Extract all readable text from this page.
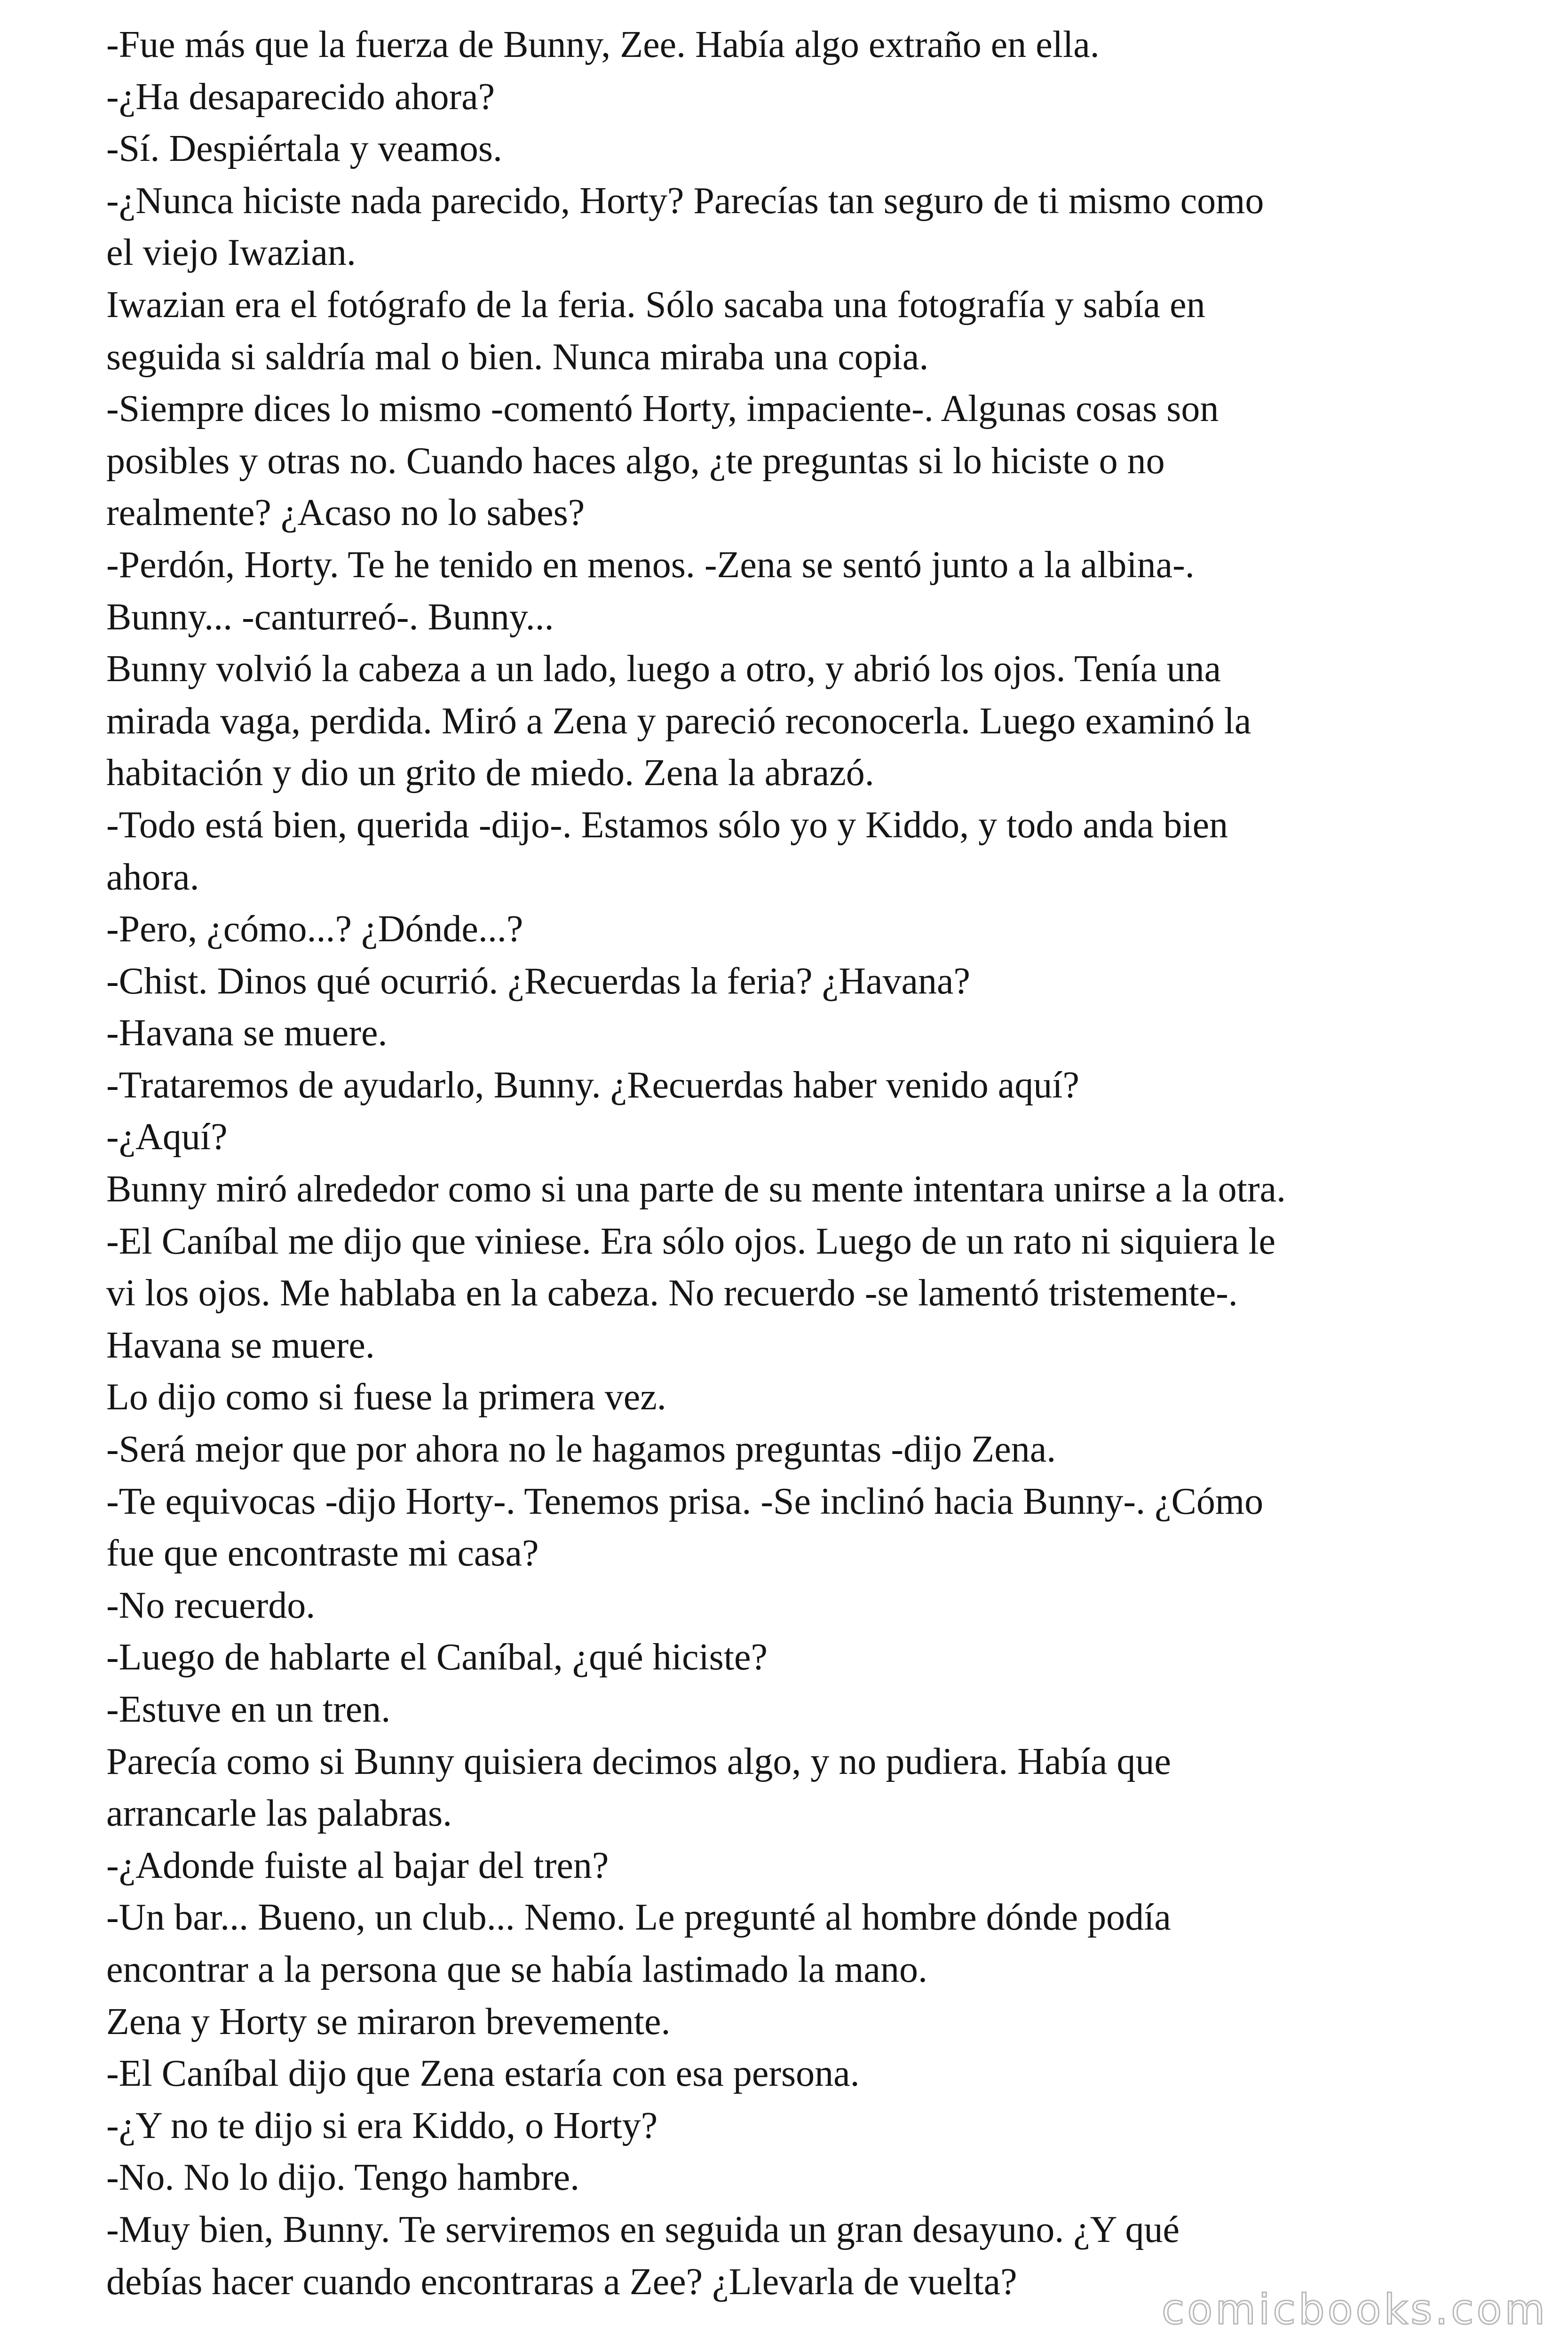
-Fue más que la fuerza de Bunny, Zee. Había algo extraño en ella.
-¿Ha desaparecido ahora?
-Sí. Despiértala y veamos.
-¿Nunca hiciste nada parecido, Horty? Parecías tan seguro de ti mismo como
el viejo Iwazian.
Iwazian era el fotógrafo de la feria. Sólo sacaba una fotografía y sabía en
seguida si saldría mal o bien. Nunca miraba una copia.
-Siempre dices lo mismo -comentó Horty, impaciente-. Algunas cosas son
posibles y otras no. Cuando haces algo, ¿te preguntas si lo hiciste o no
realmente? ¿Acaso no lo sabes?
-Perdón, Horty. Te he tenido en menos. -Zena se sentó junto a la albina-.
Bunny... -canturreó-. Bunny...
Bunny volvió la cabeza a un lado, luego a otro, y abrió los ojos. Tenía una
mirada vaga, perdida. Miró a Zena y pareció reconocerla. Luego examinó la
habitación y dio un grito de miedo. Zena la abrazó.
-Todo está bien, querida -dijo-. Estamos sólo yo y Kiddo, y todo anda bien
ahora.
-Pero, ¿cómo...? ¿Dónde...?
-Chist. Dinos qué ocurrió. ¿Recuerdas la feria? ¿Havana?
-Havana se muere.
-Trataremos de ayudarlo, Bunny. ¿Recuerdas haber venido aquí?
-¿Aquí?
Bunny miró alrededor como si una parte de su mente intentara unirse a la otra.
-El Caníbal me dijo que viniese. Era sólo ojos. Luego de un rato ni siquiera le
vi los ojos. Me hablaba en la cabeza. No recuerdo -se lamentó tristemente-.
Havana se muere.
Lo dijo como si fuese la primera vez.
-Será mejor que por ahora no le hagamos preguntas -dijo Zena.
-Te equivocas -dijo Horty-. Tenemos prisa. -Se inclinó hacia Bunny-. ¿Cómo
fue que encontraste mi casa?
-No recuerdo.
-Luego de hablarte el Caníbal, ¿qué hiciste?
-Estuve en un tren.
Parecía como si Bunny quisiera decimos algo, y no pudiera. Había que
arrancarle las palabras.
-¿Adonde fuiste al bajar del tren?
-Un bar... Bueno, un club... Nemo. Le pregunté al hombre dónde podía
encontrar a la persona que se había lastimado la mano.
Zena y Horty se miraron brevemente.
-El Caníbal dijo que Zena estaría con esa persona.
-¿Y no te dijo si era Kiddo, o Horty?
-No. No lo dijo. Tengo hambre.
-Muy bien, Bunny. Te serviremos en seguida un gran desayuno. ¿Y qué
debías hacer cuando encontraras a Zee? ¿Llevarla de vuelta?
comicbooks.com
